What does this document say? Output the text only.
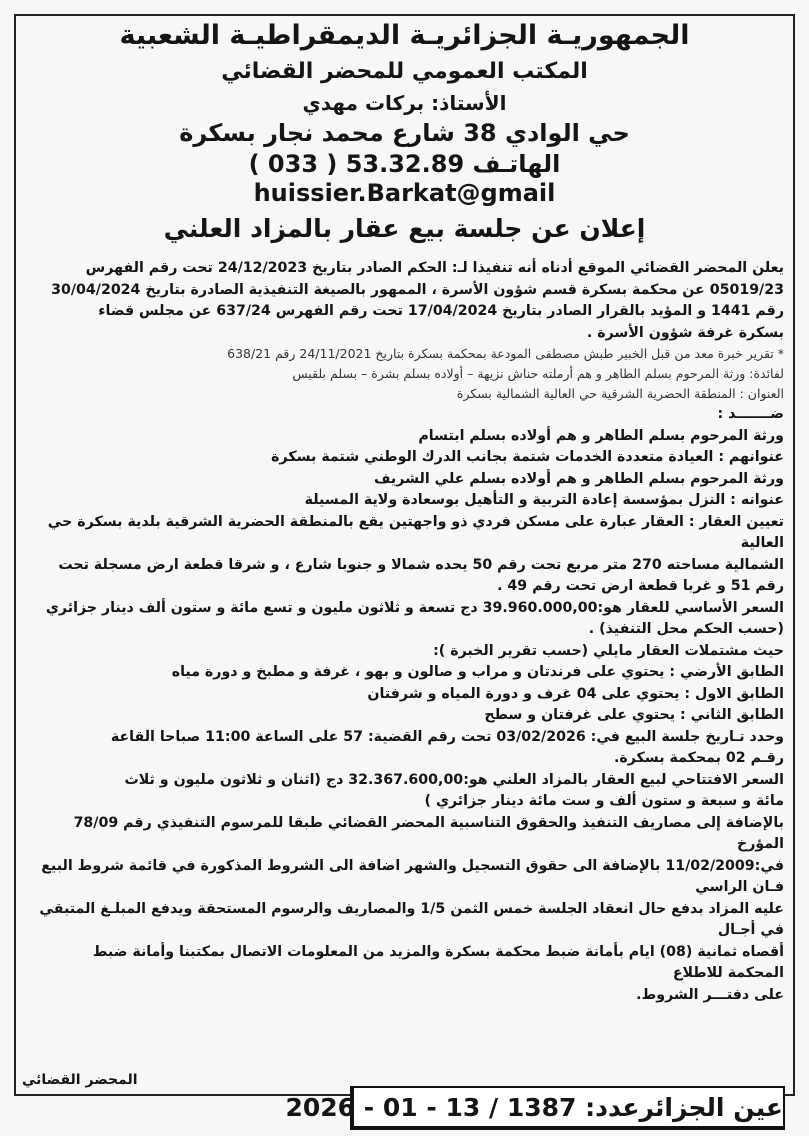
الجمهوريـة الجزائريـة الديمقراطيـة الشعبية
المكتب العمومي للمحضر القضائي
الأستاذ: بركات مهدي
حي الوادي 38 شارع محمد نجار بسكرة
الهاتـف 53.32.89 ( 033 )
huissier.Barkat@gmail
إعلان عن جلسة بيع عقار بالمزاد العلني

يعلن المحضر القضائي الموقع أدناه أنه تنفيذا لـ: الحكم الصادر بتاريخ 24/12/2023 تحت رقم الفهرس

05019/23 عن محكمة بسكرة قسم شؤون الأسرة ، الممهور بالصيغة التنفيذية الصادرة بتاريخ 30/04/2024

رقم 1441 و المؤيد بالقرار الصادر بتاريخ 17/04/2024 تحت رقم الفهرس 637/24 عن مجلس قضاء

بسكرة غرفة شؤون الأسرة .

* تقرير خبرة معد من قبل الخبير طبش مصطفى المودعة بمحكمة بسكرة بتاريخ 24/11/2021 رقم 638/21

لفائدة: ورثة المرحوم بسلم الطاهر و هم أرملته حناش نزيهة – أولاده بسلم بشرة – بسلم بلقيس

العنوان : المنطقة الحضرية الشرقية حي العالية الشمالية بسكرة

ضـــــــد :

ورثة المرحوم بسلم الطاهر و هم أولاده بسلم ابتسام

عنوانهم : العيادة متعددة الخدمات شتمة بجانب الدرك الوطني شتمة بسكرة

ورثة المرحوم بسلم الطاهر و هم أولاده بسلم علي الشريف

عنوانه : النزل بمؤسسة إعادة التربية و التأهيل بوسعادة ولاية المسيلة

تعيين العقار : العقار عبارة على مسكن فردي ذو واجهتين يقع بالمنطقة الحضرية الشرقية بلدية بسكرة حي العالية

الشمالية مساحته 270 متر مربع تحت رقم 50 يحده شمالا و جنوبا شارع ، و شرقا قطعة ارض مسجلة تحت

رقم 51 و غربا قطعة ارض تحت رقم 49 .

السعر الأساسي للعقار هو:39.960.000,00 دج تسعة و ثلاثون مليون و تسع مائة و ستون ألف دينار جزائري

(حسب الحكم محل التنفيذ) .

حيث مشتملات العقار مايلي (حسب تقرير الخبرة ):

الطابق الأرضي : يحتوي على فرندتان و مراب و صالون و بهو ، غرفة و مطبخ و دورة مياه

الطابق الاول : يحتوي على 04 غرف و دورة المياه و شرفتان

الطابق الثاني : يحتوي على غرفتان و سطح

وحدد تـاريخ جلسة البيع في: 03/02/2026 تحت رقم القضية: 57 على الساعة 11:00 صباحا القاعة

رقـم 02 بمحكمة بسكرة.

السعر الافتتاحي لبيع العقار بالمزاد العلني هو:32.367.600,00 دج (اثنان و ثلاثون مليون و ثلاث

مائة و سبعة و ستون ألف و ست مائة دينار جزائري )

بالإضافة إلى مصاريف التنفيذ والحقوق التناسبية المحضر القضائي طبقا للمرسوم التنفيذي رقم 78/09

المؤرخ

في:11/02/2009 بالإضافة الى حقوق التسجيل والشهر اضافة الى الشروط المذكورة في قائمة شروط البيع

فـان الراسي

عليه المزاد بدفع حال انعقاد الجلسة خمس الثمن 1/5 والمصاريف والرسوم المستحقة ويدفع المبلـغ المتبقي

في أجـال

أقصاه ثمانية (08) ايام بأمانة ضبط محكمة بسكرة والمزيد من المعلومات الاتصال بمكتبنا وأمانة ضبط

المحكمة للاطلاع

على دفتـــر الشروط.

المحضر القضائي
عين الجزائرعدد: 1387 / 13 - 01 - 2026
